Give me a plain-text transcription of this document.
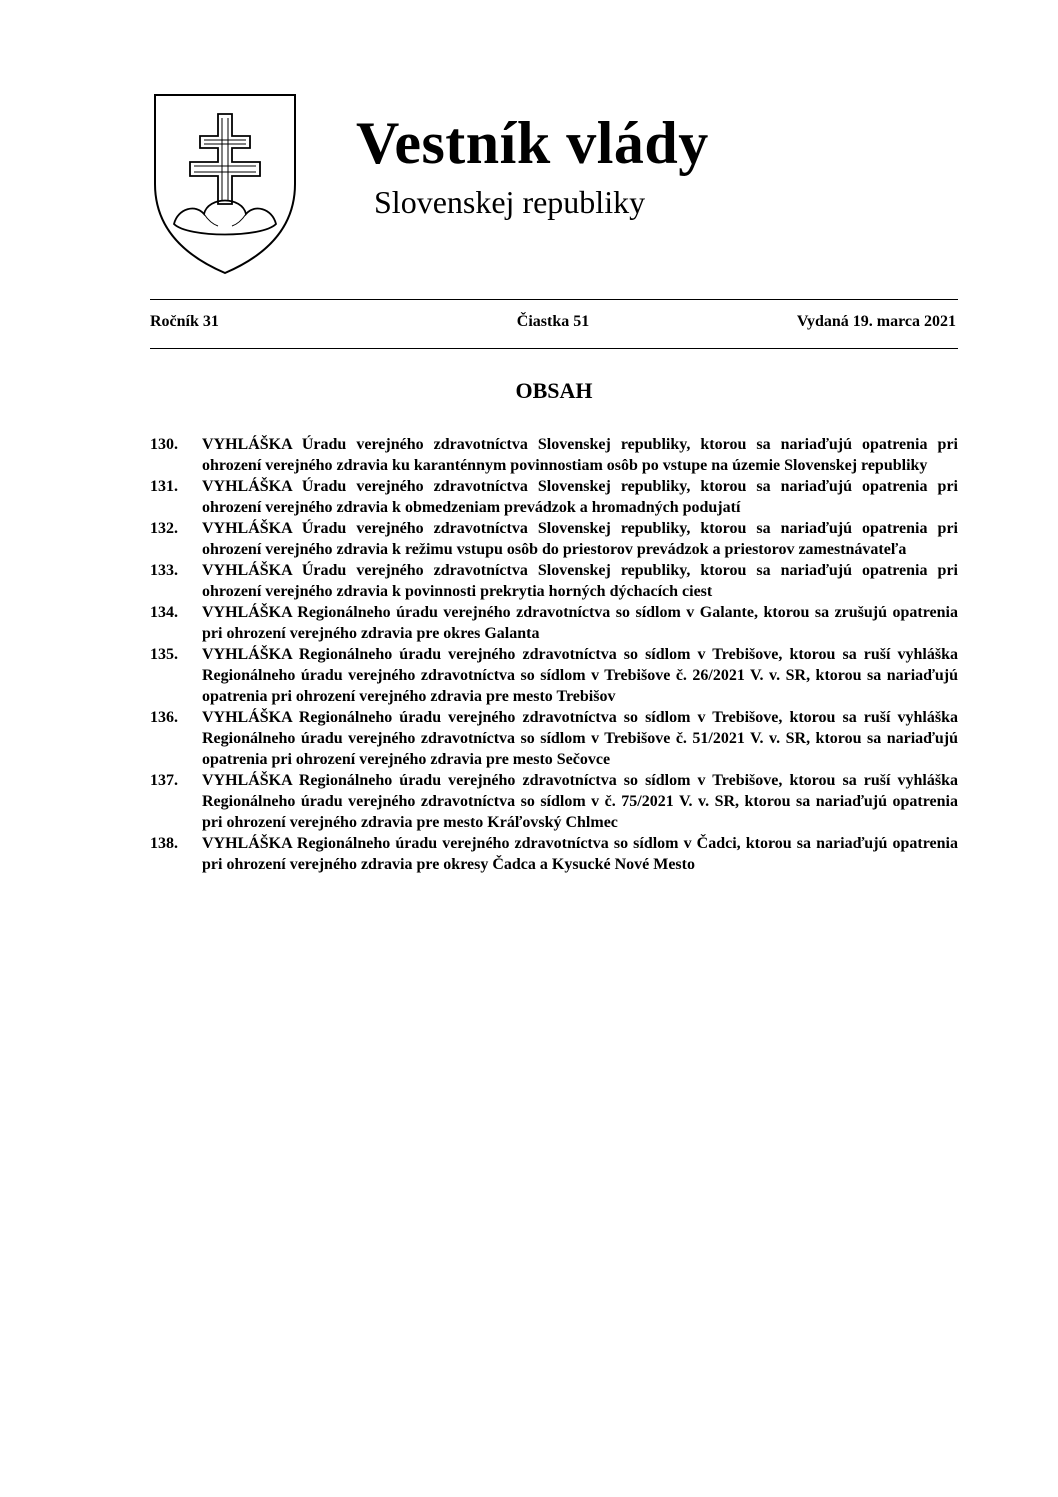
Vestník vlády
Slovenskej republiky
Ročník 31	Čiastka 51	Vydaná 19. marca 2021
OBSAH
130.	VYHLÁŠKA Úradu verejného zdravotníctva Slovenskej republiky, ktorou sa nariaďujú opatrenia pri ohrození verejného zdravia ku karanténnym povinnostiam osôb po vstupe na územie Slovenskej republiky
131.	VYHLÁŠKA Úradu verejného zdravotníctva Slovenskej republiky, ktorou sa nariaďujú opatrenia pri ohrození verejného zdravia k obmedzeniam prevádzok a hromadných podujatí
132.	VYHLÁŠKA Úradu verejného zdravotníctva Slovenskej republiky, ktorou sa nariaďujú opatrenia pri ohrození verejného zdravia k režimu vstupu osôb do priestorov prevádzok a priestorov zamestnávateľa
133.	VYHLÁŠKA Úradu verejného zdravotníctva Slovenskej republiky, ktorou sa nariaďujú opatrenia pri ohrození verejného zdravia k povinnosti prekrytia horných dýchacích ciest
134.	VYHLÁŠKA Regionálneho úradu verejného zdravotníctva so sídlom v Galante, ktorou sa zrušujú opatrenia pri ohrození verejného zdravia pre okres Galanta
135.	VYHLÁŠKA Regionálneho úradu verejného zdravotníctva so sídlom v Trebišove, ktorou sa ruší vyhláška Regionálneho úradu verejného zdravotníctva so sídlom v Trebišove č. 26/2021 V. v. SR, ktorou sa nariaďujú opatrenia pri ohrození verejného zdravia pre mesto Trebišov
136.	VYHLÁŠKA Regionálneho úradu verejného zdravotníctva so sídlom v Trebišove, ktorou sa ruší vyhláška Regionálneho úradu verejného zdravotníctva so sídlom v Trebišove č. 51/2021 V. v. SR, ktorou sa nariaďujú opatrenia pri ohrození verejného zdravia pre mesto Sečovce
137.	VYHLÁŠKA Regionálneho úradu verejného zdravotníctva so sídlom v Trebišove, ktorou sa ruší vyhláška Regionálneho úradu verejného zdravotníctva so sídlom v č. 75/2021 V. v. SR, ktorou sa nariaďujú opatrenia pri ohrození verejného zdravia pre mesto Kráľovský Chlmec
138.	VYHLÁŠKA Regionálneho úradu verejného zdravotníctva so sídlom v Čadci, ktorou sa nariaďujú opatrenia pri ohrození verejného zdravia pre okresy Čadca a Kysucké Nové Mesto
